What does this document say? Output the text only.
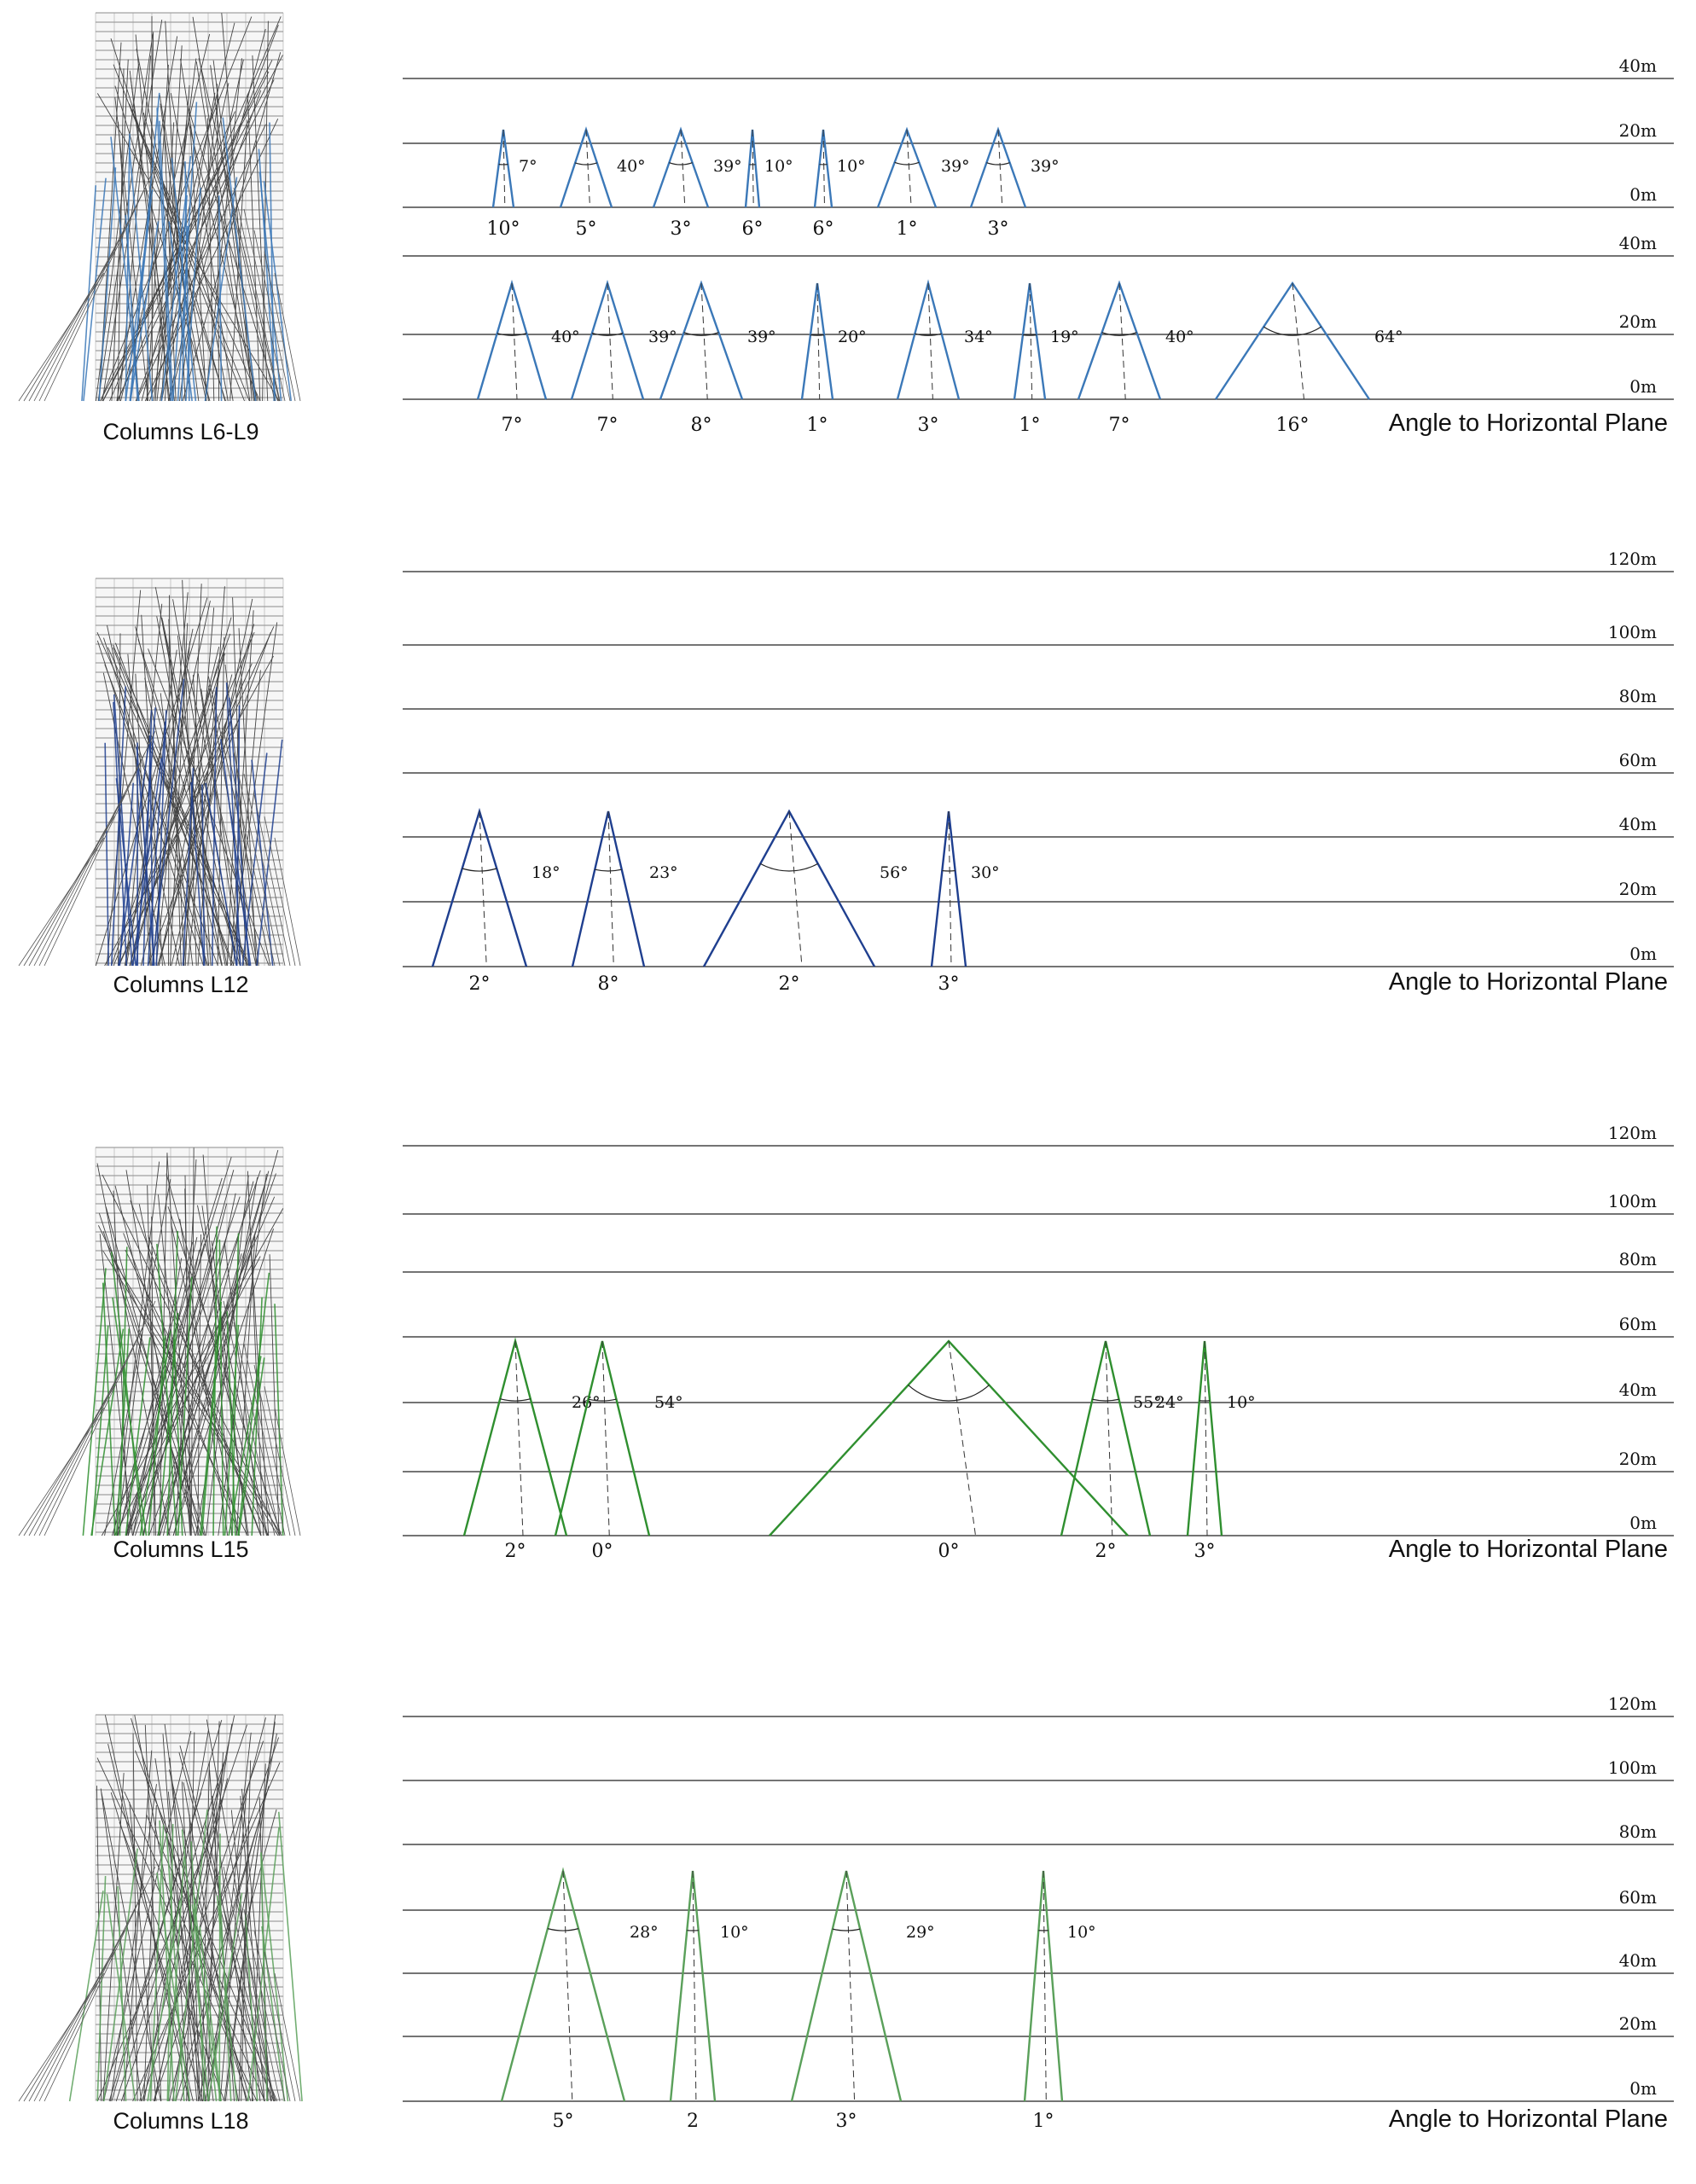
Columns L6-L9
40m
20m
0m
40m
20m
0m
7°
10°
40°
5°
39°
3°
10°
6°
10°
6°
39°
1°
39°
3°
40°
7°
39°
7°
39°
8°
20°
1°
34°
3°
19°
1°
40°
7°
64°
16°	Angle to Horizontal Plane
Columns L12
120m
100m
80m
60m
40m
20m
0m
18°
2°
23°
8°
56°
2°
30°
3°	Angle to Horizontal Plane
Columns L15
120m
100m
80m
60m
40m
20m
0m
26°
2°
54°
0°
55°
0°
24°
2°
10°
3°	Angle to Horizontal Plane
Columns L18
120m
100m
80m
60m
40m
20m
0m
28°
5°
10°
2
29°
3°
10°
1°	Angle to Horizontal Plane
